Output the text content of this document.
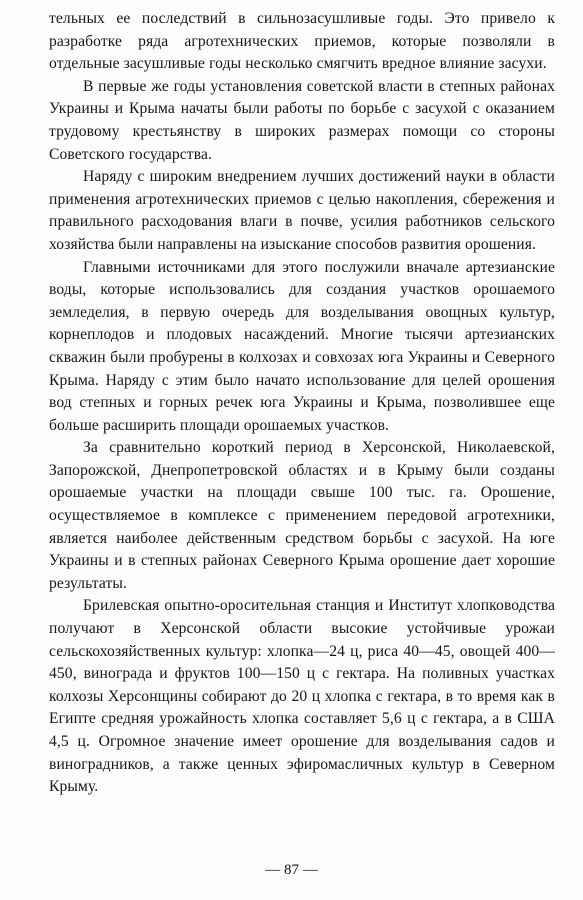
тельных ее последствий в сильнозасушливые годы. Это привело к разработке ряда агротехнических приемов, которые позволяли в отдельные засушливые годы несколько смягчить вредное влияние засухи.

В первые же годы установления советской власти в степных районах Украины и Крыма начаты были работы по борьбе с засухой с оказанием трудовому крестьянству в широких размерах помощи со стороны Советского государства.

Наряду с широким внедрением лучших достижений науки в области применения агротехнических приемов с целью накопления, сбережения и правильного расходования влаги в почве, усилия работников сельского хозяйства были направлены на изыскание способов развития орошения.

Главными источниками для этого послужили вначале артезианские воды, которые использовались для создания участков орошаемого земледелия, в первую очередь для возделывания овощных культур, корнеплодов и плодовых насаждений. Многие тысячи артезианских скважин были пробурены в колхозах и совхозах юга Украины и Северного Крыма. Наряду с этим было начато использование для целей орошения вод степных и горных речек юга Украины и Крыма, позволившее еще больше расширить площади орошаемых участков.

За сравнительно короткий период в Херсонской, Николаевской, Запорожской, Днепропетровской областях и в Крыму были созданы орошаемые участки на площади свыше 100 тыс. га. Орошение, осуществляемое в комплексе с применением передовой агротехники, является наиболее действенным средством борьбы с засухой. На юге Украины и в степных районах Северного Крыма орошение дает хорошие результаты.

Брилевская опытно-оросительная станция и Институт хлопководства получают в Херсонской области высокие устойчивые урожаи сельскохозяйственных культур: хлопка—24 ц, риса 40—45, овощей 400—450, винограда и фруктов 100—150 ц с гектара. На поливных участках колхозы Херсонщины собирают до 20 ц хлопка с гектара, в то время как в Египте средняя урожайность хлопка составляет 5,6 ц с гектара, а в США 4,5 ц. Огромное значение имеет орошение для возделывания садов и виноградников, а также ценных эфиромасличных культур в Северном Крыму.

— 87 —
